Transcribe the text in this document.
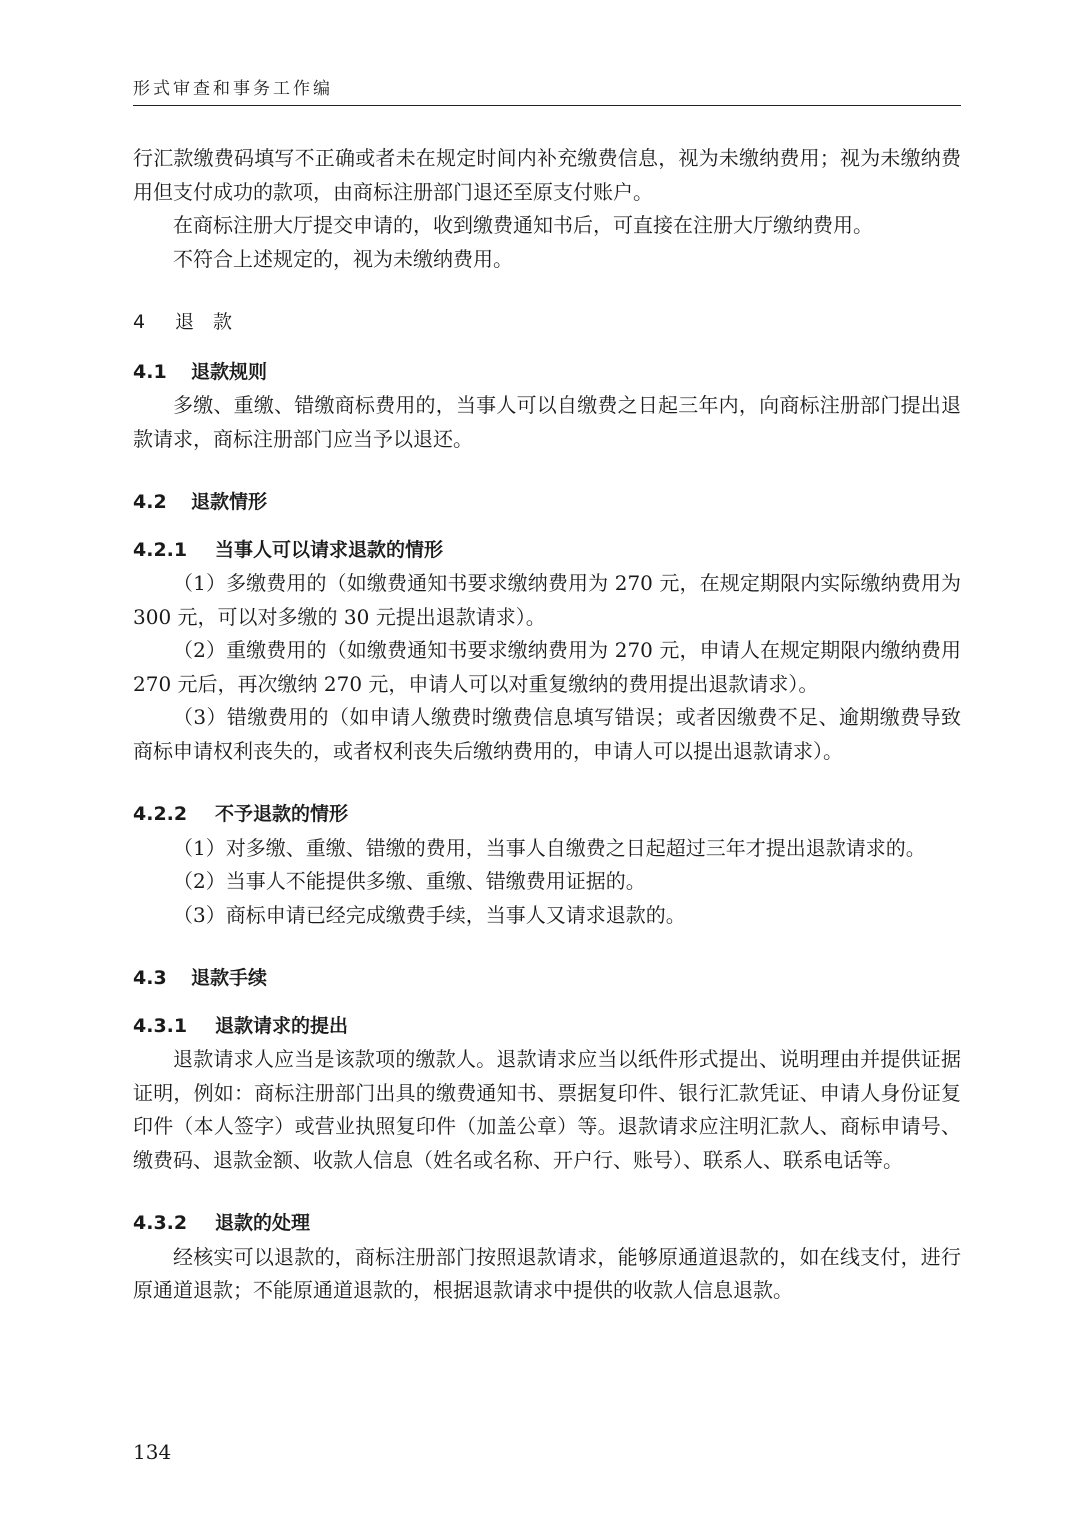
形式审查和事务工作编

行汇款缴费码填写不正确或者未在规定时间内补充缴费信息，视为未缴纳费用；视为未缴纳费用但支付成功的款项，由商标注册部门退还至原支付账户。

在商标注册大厅提交申请的，收到缴费通知书后，可直接在注册大厅缴纳费用。

不符合上述规定的，视为未缴纳费用。

4 退　款
4.1 退款规则

多缴、重缴、错缴商标费用的，当事人可以自缴费之日起三年内，向商标注册部门提出退款请求，商标注册部门应当予以退还。

4.2 退款情形
4.2.1 当事人可以请求退款的情形

（1）多缴费用的（如缴费通知书要求缴纳费用为 270 元，在规定期限内实际缴纳费用为 300 元，可以对多缴的 30 元提出退款请求）。

（2）重缴费用的（如缴费通知书要求缴纳费用为 270 元，申请人在规定期限内缴纳费用 270 元后，再次缴纳 270 元，申请人可以对重复缴纳的费用提出退款请求）。

（3）错缴费用的（如申请人缴费时缴费信息填写错误；或者因缴费不足、逾期缴费导致商标申请权利丧失的，或者权利丧失后缴纳费用的，申请人可以提出退款请求）。

4.2.2 不予退款的情形

（1）对多缴、重缴、错缴的费用，当事人自缴费之日起超过三年才提出退款请求的。

（2）当事人不能提供多缴、重缴、错缴费用证据的。

（3）商标申请已经完成缴费手续，当事人又请求退款的。

4.3 退款手续
4.3.1 退款请求的提出

退款请求人应当是该款项的缴款人。退款请求应当以纸件形式提出、说明理由并提供证据证明，例如：商标注册部门出具的缴费通知书、票据复印件、银行汇款凭证、申请人身份证复印件（本人签字）或营业执照复印件（加盖公章）等。退款请求应注明汇款人、商标申请号、缴费码、退款金额、收款人信息（姓名或名称、开户行、账号）、联系人、联系电话等。

4.3.2 退款的处理

经核实可以退款的，商标注册部门按照退款请求，能够原通道退款的，如在线支付，进行原通道退款；不能原通道退款的，根据退款请求中提供的收款人信息退款。

134
